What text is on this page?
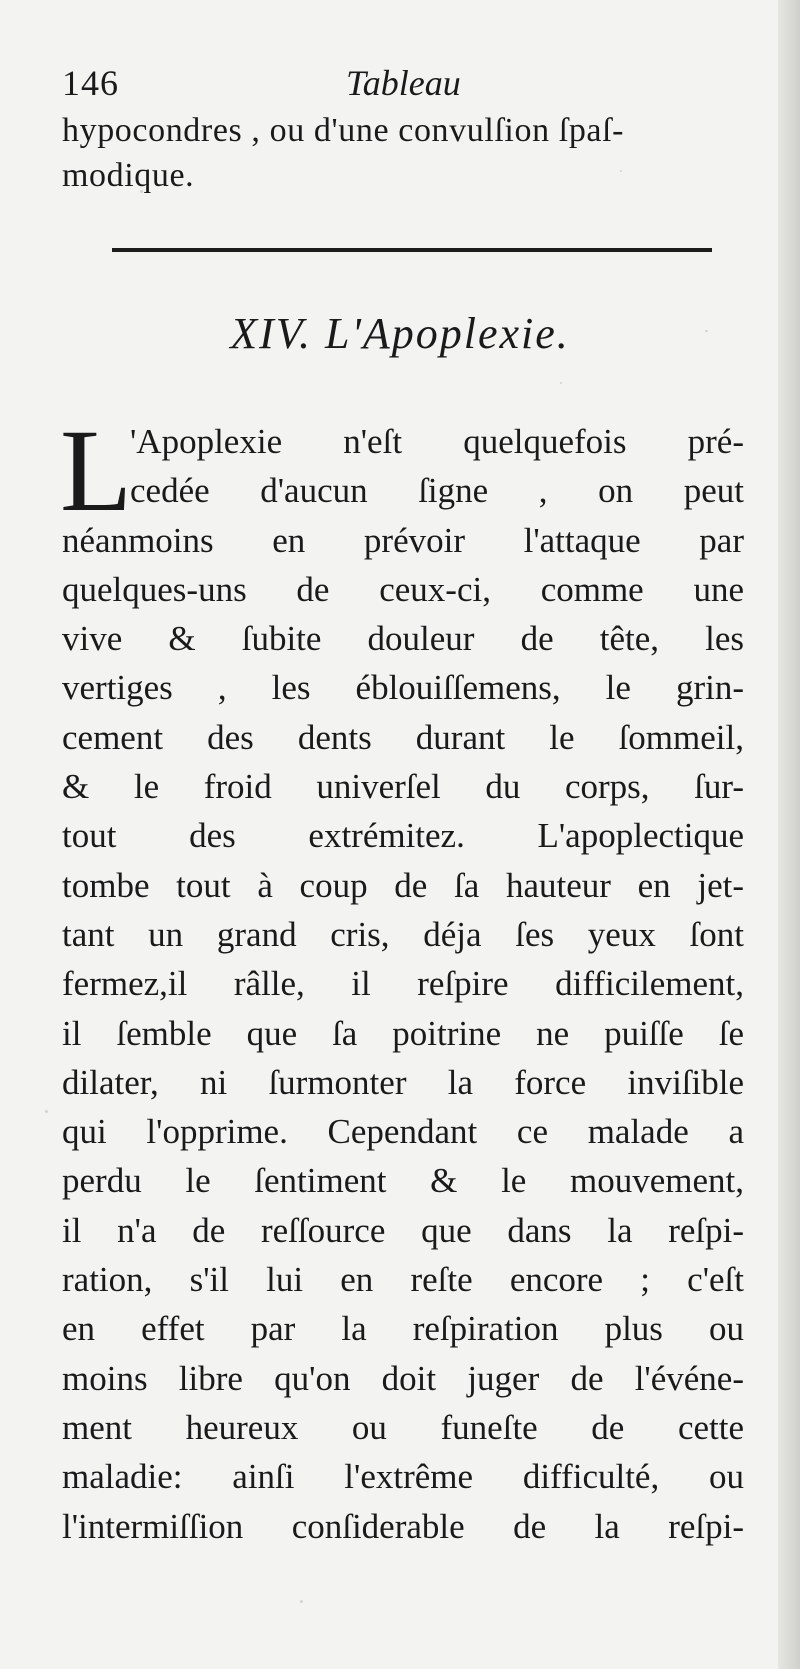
146	Tableau
hypocondres , ou d'une convulſion ſpaſ-
modique.
XIV. L'Apoplexie.
L
'Apoplexie n'eſt quelquefois pré-
cedée d'aucun ſigne , on peut
néanmoins en prévoir l'attaque par
quelques-uns de ceux-ci, comme une
vive & ſubite douleur de tête, les
vertiges , les éblouiſſemens, le grin-
cement des dents durant le ſommeil,
& le froid univerſel du corps, ſur-
tout des extrémitez. L'apoplectique
tombe tout à coup de ſa hauteur en jet-
tant un grand cris, déja ſes yeux ſont
fermez,il râlle, il reſpire difficilement,
il ſemble que ſa poitrine ne puiſſe ſe
dilater, ni ſurmonter la force inviſible
qui l'opprime. Cependant ce malade a
perdu le ſentiment & le mouvement,
il n'a de reſſource que dans la reſpi-
ration, s'il lui en reſte encore ; c'eſt
en effet par la reſpiration plus ou
moins libre qu'on doit juger de l'événe-
ment heureux ou funeſte de cette
maladie: ainſi l'extrême difficulté, ou
l'intermiſſion conſiderable de la reſpi-
